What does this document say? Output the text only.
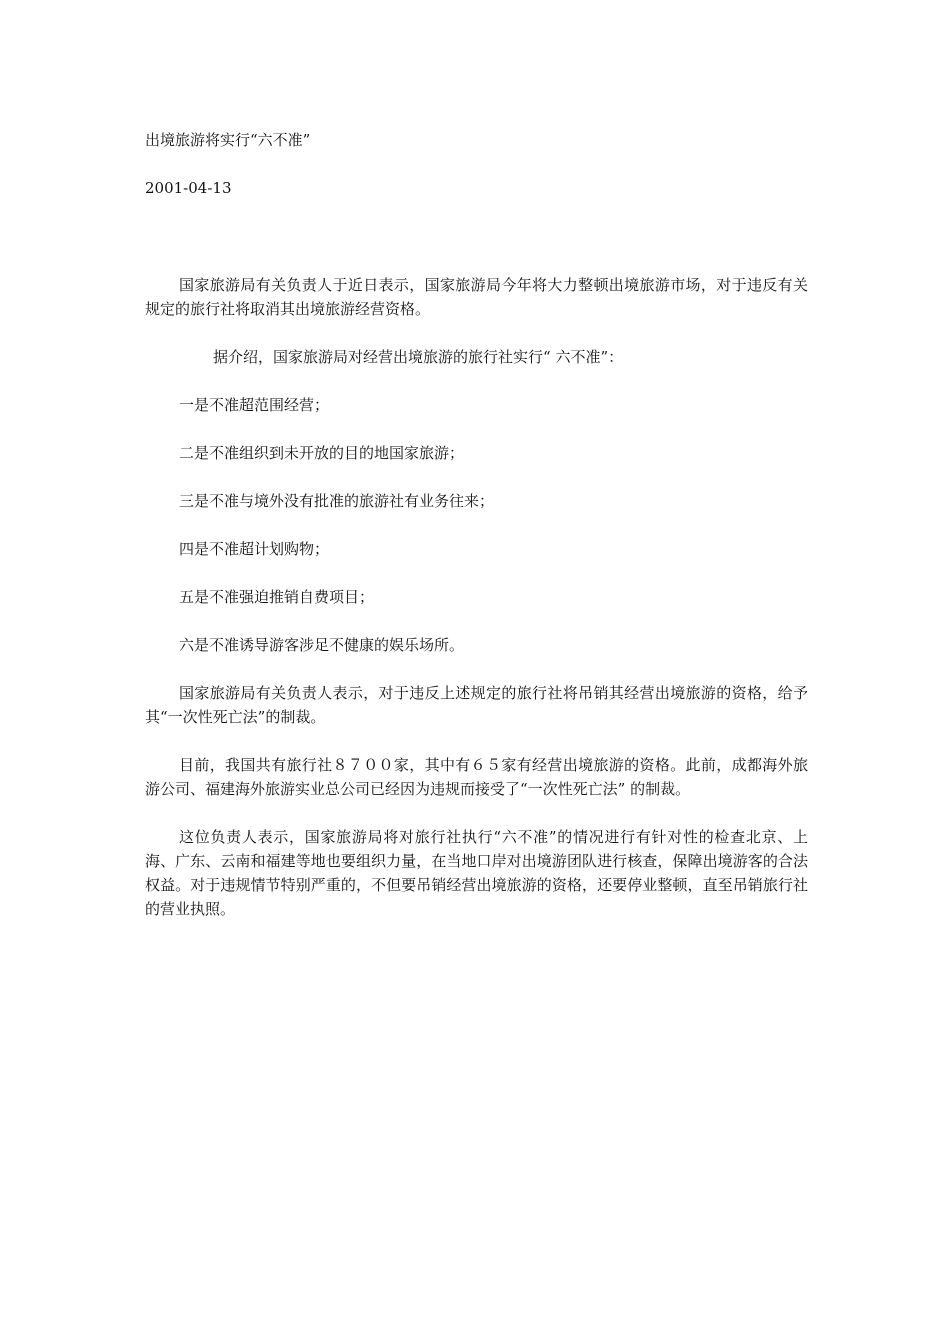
出境旅游将实行“六不准”

2001-04-13

国家旅游局有关负责人于近日表示，国家旅游局今年将大力整顿出境旅游市场，对于违反有关规定的旅行社将取消其出境旅游经营资格。

据介绍，国家旅游局对经营出境旅游的旅行社实行“ 六不准”：

一是不准超范围经营；

二是不准组织到未开放的目的地国家旅游；

三是不准与境外没有批准的旅游社有业务往来；

四是不准超计划购物；

五是不准强迫推销自费项目；

六是不准诱导游客涉足不健康的娱乐场所。

国家旅游局有关负责人表示，对于违反上述规定的旅行社将吊销其经营出境旅游的资格，给予其“一次性死亡法”的制裁。

目前，我国共有旅行社８７００家，其中有６５家有经营出境旅游的资格。此前，成都海外旅游公司、福建海外旅游实业总公司已经因为违规而接受了“一次性死亡法” 的制裁。

这位负责人表示，国家旅游局将对旅行社执行“六不准”的情况进行有针对性的检查北京、上海、广东、云南和福建等地也要组织力量，在当地口岸对出境游团队进行核查，保障出境游客的合法权益。对于违规情节特别严重的，不但要吊销经营出境旅游的资格，还要停业整顿，直至吊销旅行社的营业执照。
